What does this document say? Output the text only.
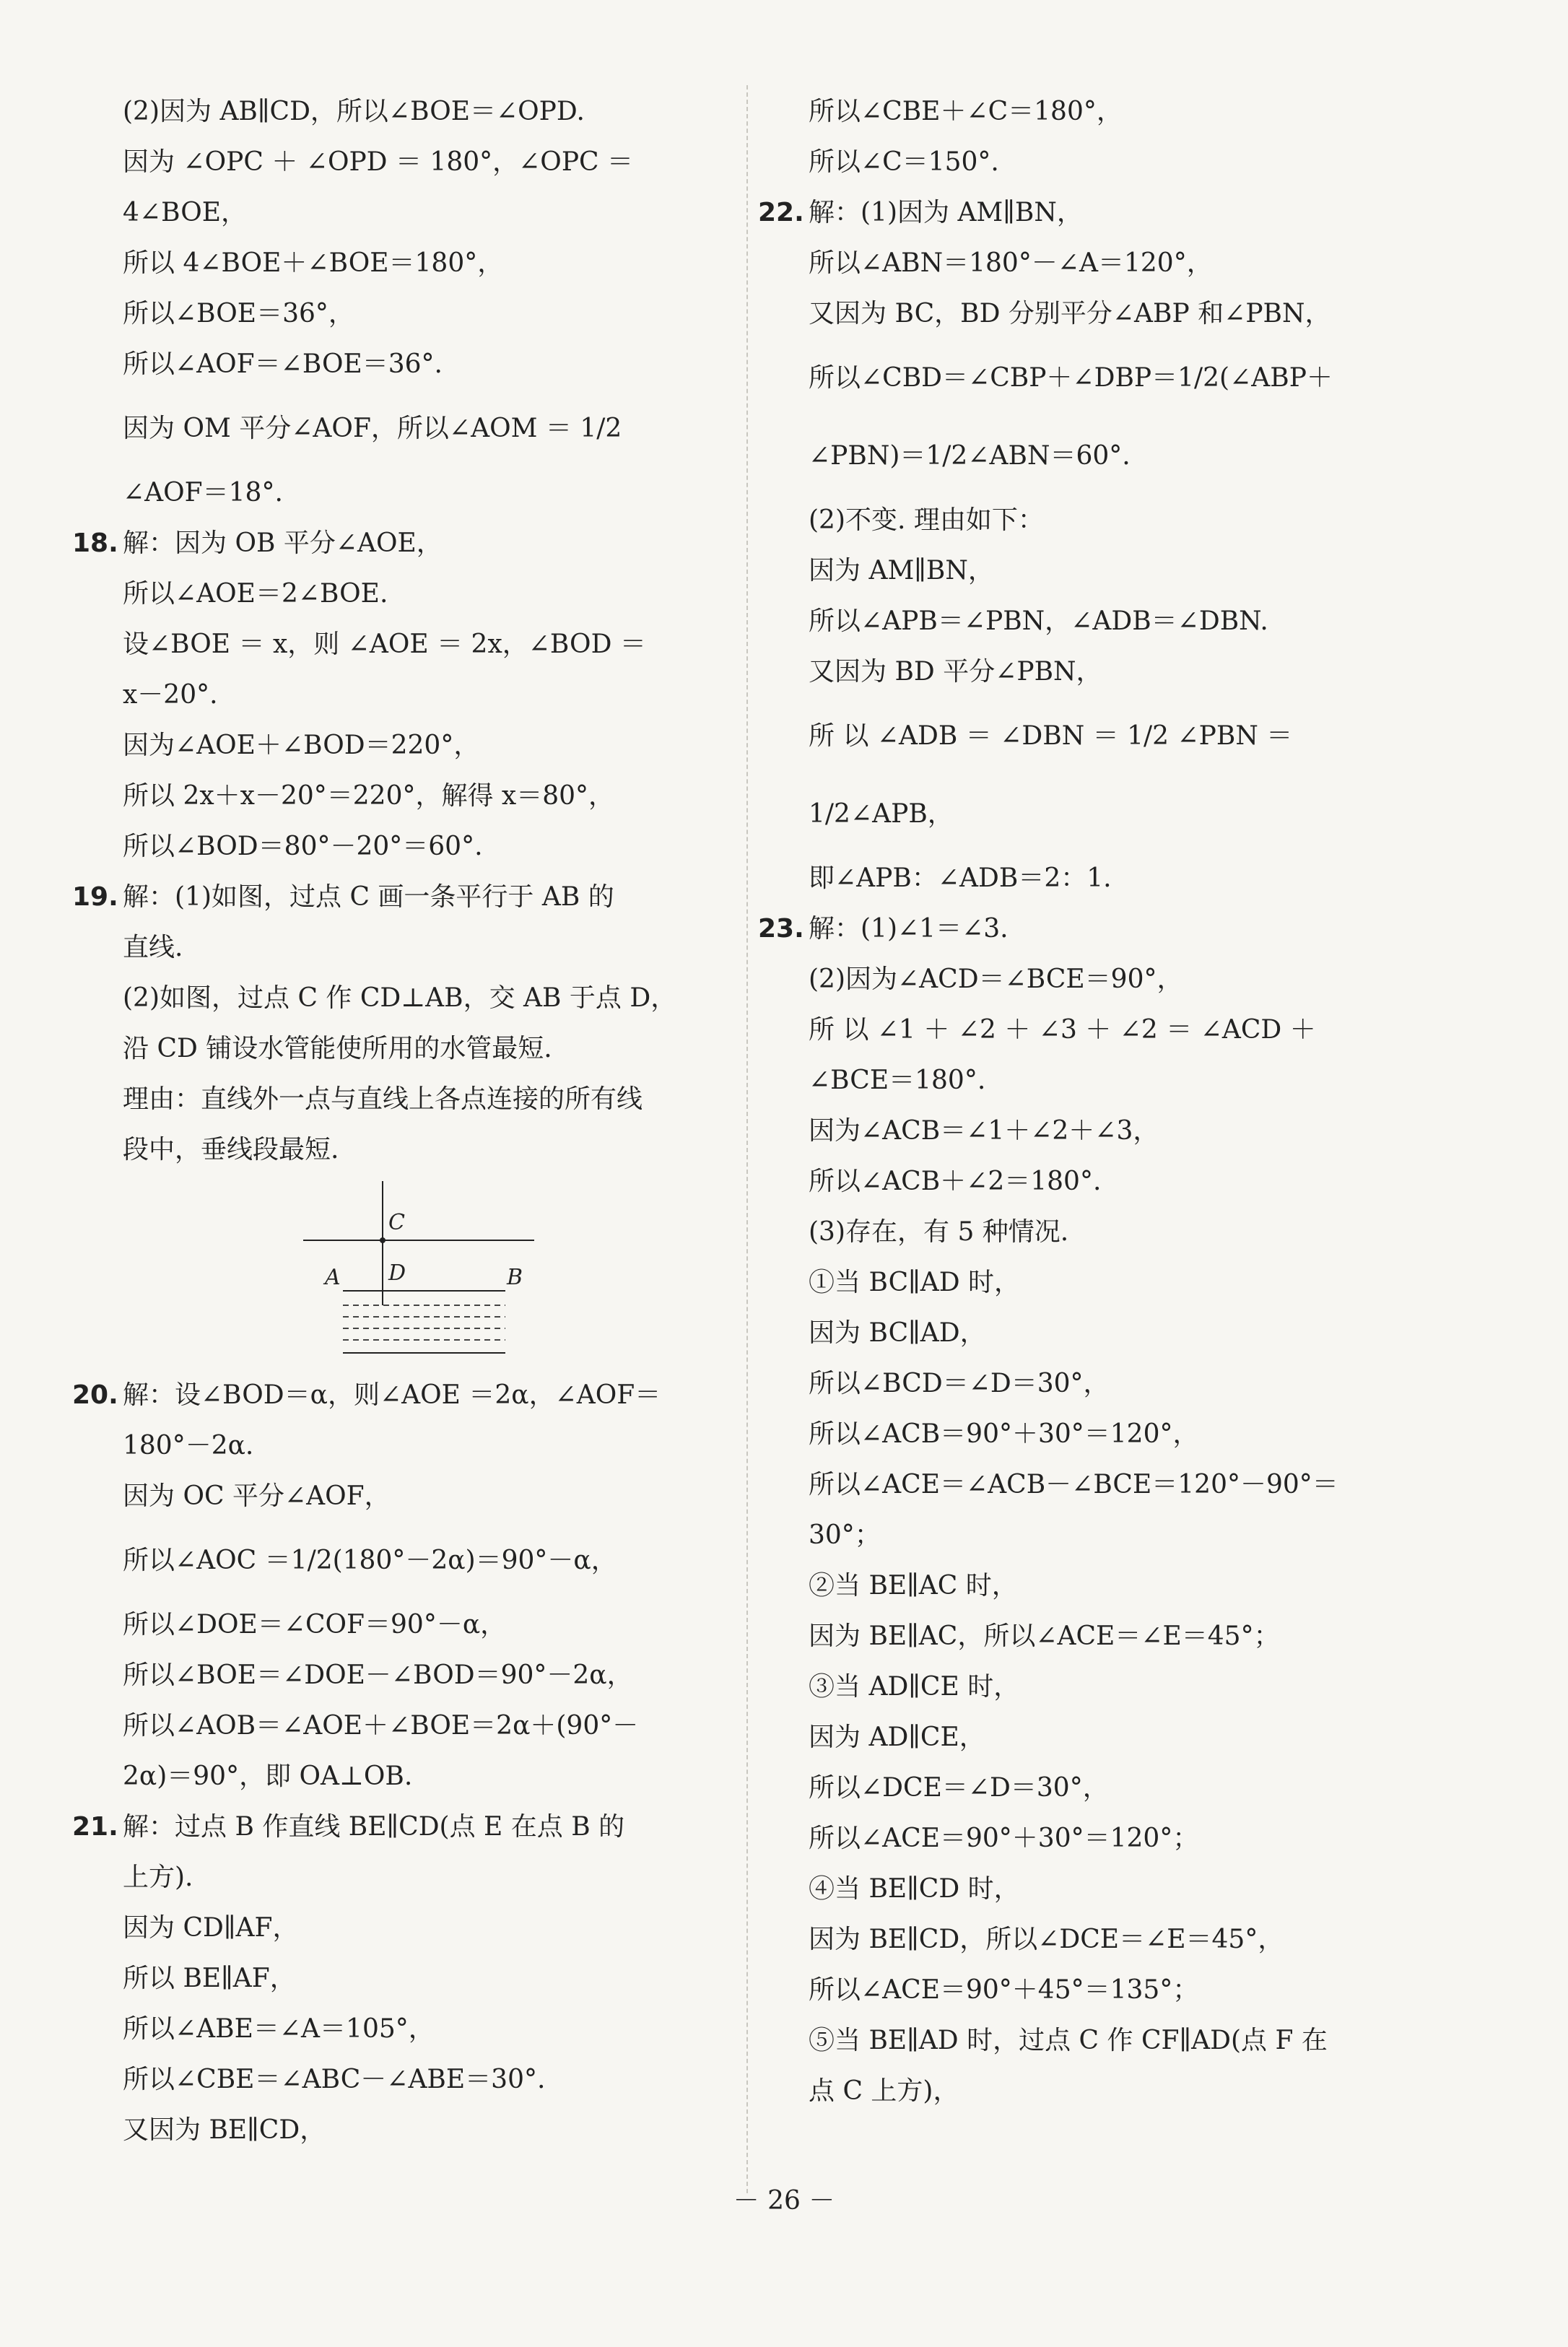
(2)因为 AB∥CD，所以∠BOE＝∠OPD.
因为 ∠OPC ＋ ∠OPD ＝ 180°，∠OPC ＝
4∠BOE，
所以 4∠BOE＋∠BOE＝180°，
所以∠BOE＝36°，
所以∠AOF＝∠BOE＝36°.
因为 OM 平分∠AOF，所以∠AOM ＝ 1/2
∠AOF＝18°.
18. 解：因为 OB 平分∠AOE，
所以∠AOE＝2∠BOE.
设∠BOE ＝ x，则 ∠AOE ＝ 2x，∠BOD ＝
x－20°.
因为∠AOE＋∠BOD＝220°，
所以 2x＋x－20°＝220°，解得 x＝80°，
所以∠BOD＝80°－20°＝60°.
19. 解：(1)如图，过点 C 画一条平行于 AB 的
直线.
(2)如图，过点 C 作 CD⊥AB，交 AB 于点 D，
沿 CD 铺设水管能使所用的水管最短.
理由：直线外一点与直线上各点连接的所有线
段中，垂线段最短.
C
A D	B
20. 解：设∠BOD＝α，则∠AOE ＝2α，∠AOF＝
180°－2α.
因为 OC 平分∠AOF，
所以∠AOC ＝1/2(180°－2α)＝90°－α，
所以∠DOE＝∠COF＝90°－α，
所以∠BOE＝∠DOE－∠BOD＝90°－2α，
所以∠AOB＝∠AOE＋∠BOE＝2α＋(90°－
2α)＝90°，即 OA⊥OB.
21. 解：过点 B 作直线 BE∥CD(点 E 在点 B 的
上方).
因为 CD∥AF，
所以 BE∥AF，
所以∠ABE＝∠A＝105°，
所以∠CBE＝∠ABC－∠ABE＝30°.
又因为 BE∥CD，
所以∠CBE＋∠C＝180°，
所以∠C＝150°.
22. 解：(1)因为 AM∥BN，
所以∠ABN＝180°－∠A＝120°，
又因为 BC，BD 分别平分∠ABP 和∠PBN，
所以∠CBD＝∠CBP＋∠DBP＝1/2(∠ABP＋
∠PBN)＝1/2∠ABN＝60°.
(2)不变. 理由如下：
因为 AM∥BN，
所以∠APB＝∠PBN，∠ADB＝∠DBN.
又因为 BD 平分∠PBN，
所 以 ∠ADB ＝ ∠DBN ＝ 1/2 ∠PBN ＝
1/2∠APB，
即∠APB：∠ADB＝2：1.
23. 解：(1)∠1＝∠3.
(2)因为∠ACD＝∠BCE＝90°，
所 以 ∠1 ＋ ∠2 ＋ ∠3 ＋ ∠2 ＝ ∠ACD ＋
∠BCE＝180°.
因为∠ACB＝∠1＋∠2＋∠3，
所以∠ACB＋∠2＝180°.
(3)存在，有 5 种情况.
①当 BC∥AD 时，
因为 BC∥AD，
所以∠BCD＝∠D＝30°，
所以∠ACB＝90°＋30°＝120°，
所以∠ACE＝∠ACB－∠BCE＝120°－90°＝
30°；
②当 BE∥AC 时，
因为 BE∥AC，所以∠ACE＝∠E＝45°；
③当 AD∥CE 时，
因为 AD∥CE，
所以∠DCE＝∠D＝30°，
所以∠ACE＝90°＋30°＝120°；
④当 BE∥CD 时，
因为 BE∥CD，所以∠DCE＝∠E＝45°，
所以∠ACE＝90°＋45°＝135°；
⑤当 BE∥AD 时，过点 C 作 CF∥AD(点 F 在
点 C 上方)，
－ 26 －
